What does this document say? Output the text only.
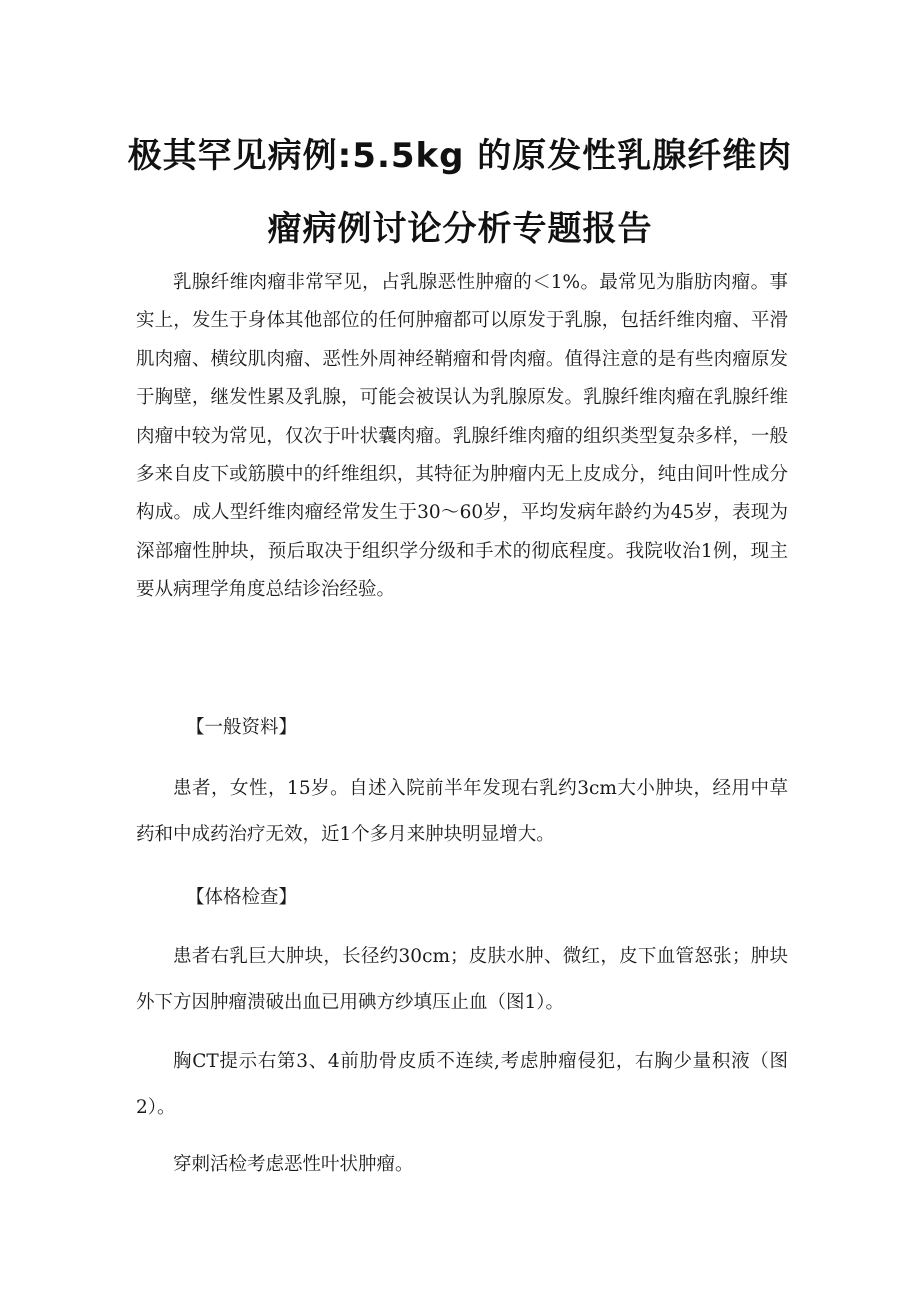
极其罕见病例:5.5kg 的原发性乳腺纤维肉
瘤病例讨论分析专题报告

乳腺纤维肉瘤非常罕见，占乳腺恶性肿瘤的＜1%。最常见为脂肪肉瘤。事实上，发生于身体其他部位的任何肿瘤都可以原发于乳腺，包括纤维肉瘤、平滑肌肉瘤、横纹肌肉瘤、恶性外周神经鞘瘤和骨肉瘤。值得注意的是有些肉瘤原发于胸壁，继发性累及乳腺，可能会被误认为乳腺原发。乳腺纤维肉瘤在乳腺纤维肉瘤中较为常见，仅次于叶状囊肉瘤。乳腺纤维肉瘤的组织类型复杂多样，一般多来自皮下或筋膜中的纤维组织，其特征为肿瘤内无上皮成分，纯由间叶性成分构成。成人型纤维肉瘤经常发生于30～60岁，平均发病年龄约为45岁，表现为深部瘤性肿块，预后取决于组织学分级和手术的彻底程度。我院收治1例，现主要从病理学角度总结诊治经验。

【一般资料】

患者，女性，15岁。自述入院前半年发现右乳约3cm大小肿块，经用中草药和中成药治疗无效，近1个多月来肿块明显增大。

【体格检查】

患者右乳巨大肿块，长径约30cm；皮肤水肿、微红，皮下血管怒张；肿块外下方因肿瘤溃破出血已用碘方纱填压止血（图1）。

胸CT提示右第3、4前肋骨皮质不连续,考虑肿瘤侵犯，右胸少量积液（图2）。

穿刺活检考虑恶性叶状肿瘤。
